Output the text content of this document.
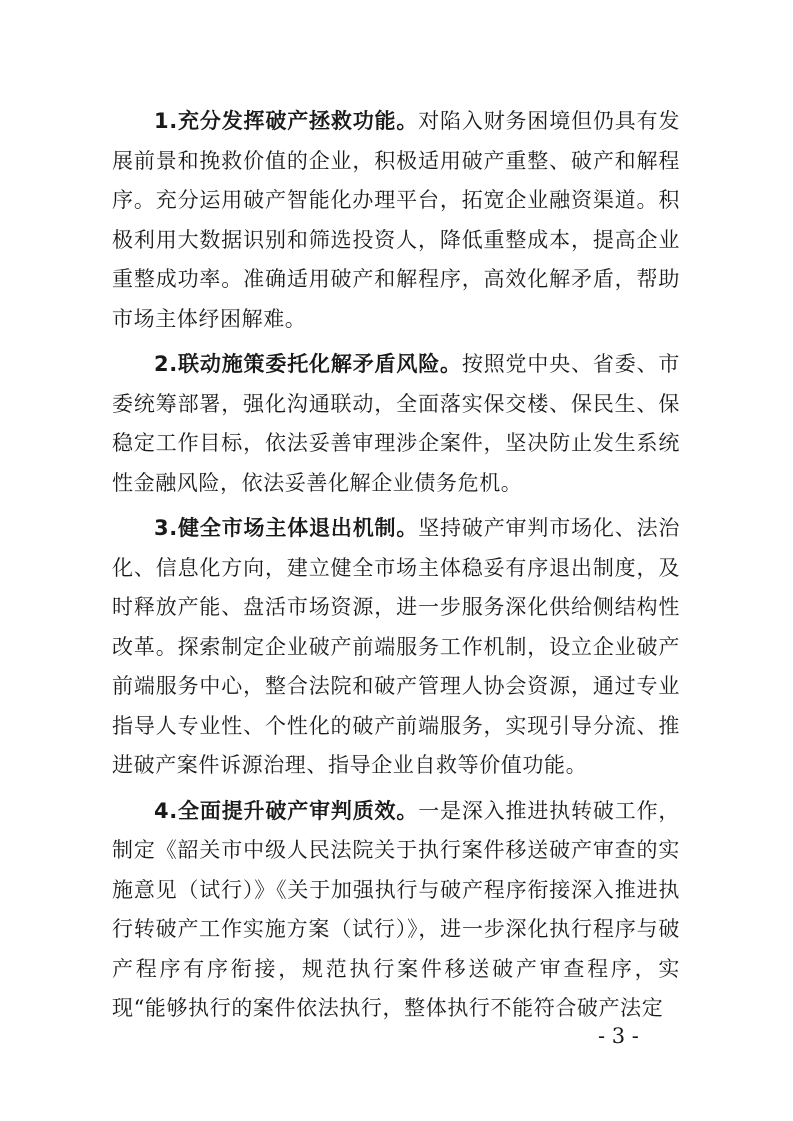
1.充分发挥破产拯救功能。对陷入财务困境但仍具有发展前景和挽救价值的企业，积极适用破产重整、破产和解程序。充分运用破产智能化办理平台，拓宽企业融资渠道。积极利用大数据识别和筛选投资人，降低重整成本，提高企业重整成功率。准确适用破产和解程序，高效化解矛盾，帮助市场主体纾困解难。

2.联动施策委托化解矛盾风险。按照党中央、省委、市委统筹部署，强化沟通联动，全面落实保交楼、保民生、保稳定工作目标，依法妥善审理涉企案件，坚决防止发生系统性金融风险，依法妥善化解企业债务危机。

3.健全市场主体退出机制。坚持破产审判市场化、法治化、信息化方向，建立健全市场主体稳妥有序退出制度，及时释放产能、盘活市场资源，进一步服务深化供给侧结构性改革。探索制定企业破产前端服务工作机制，设立企业破产前端服务中心，整合法院和破产管理人协会资源，通过专业指导人专业性、个性化的破产前端服务，实现引导分流、推进破产案件诉源治理、指导企业自救等价值功能。

4.全面提升破产审判质效。一是深入推进执转破工作，制定《韶关市中级人民法院关于执行案件移送破产审查的实施意见（试行）》《关于加强执行与破产程序衔接深入推进执行转破产工作实施方案（试行）》，进一步深化执行程序与破产程序有序衔接，规范执行案件移送破产审查程序，实现“能够执行的案件依法执行，整体执行不能符合破产法定

- 3 -
